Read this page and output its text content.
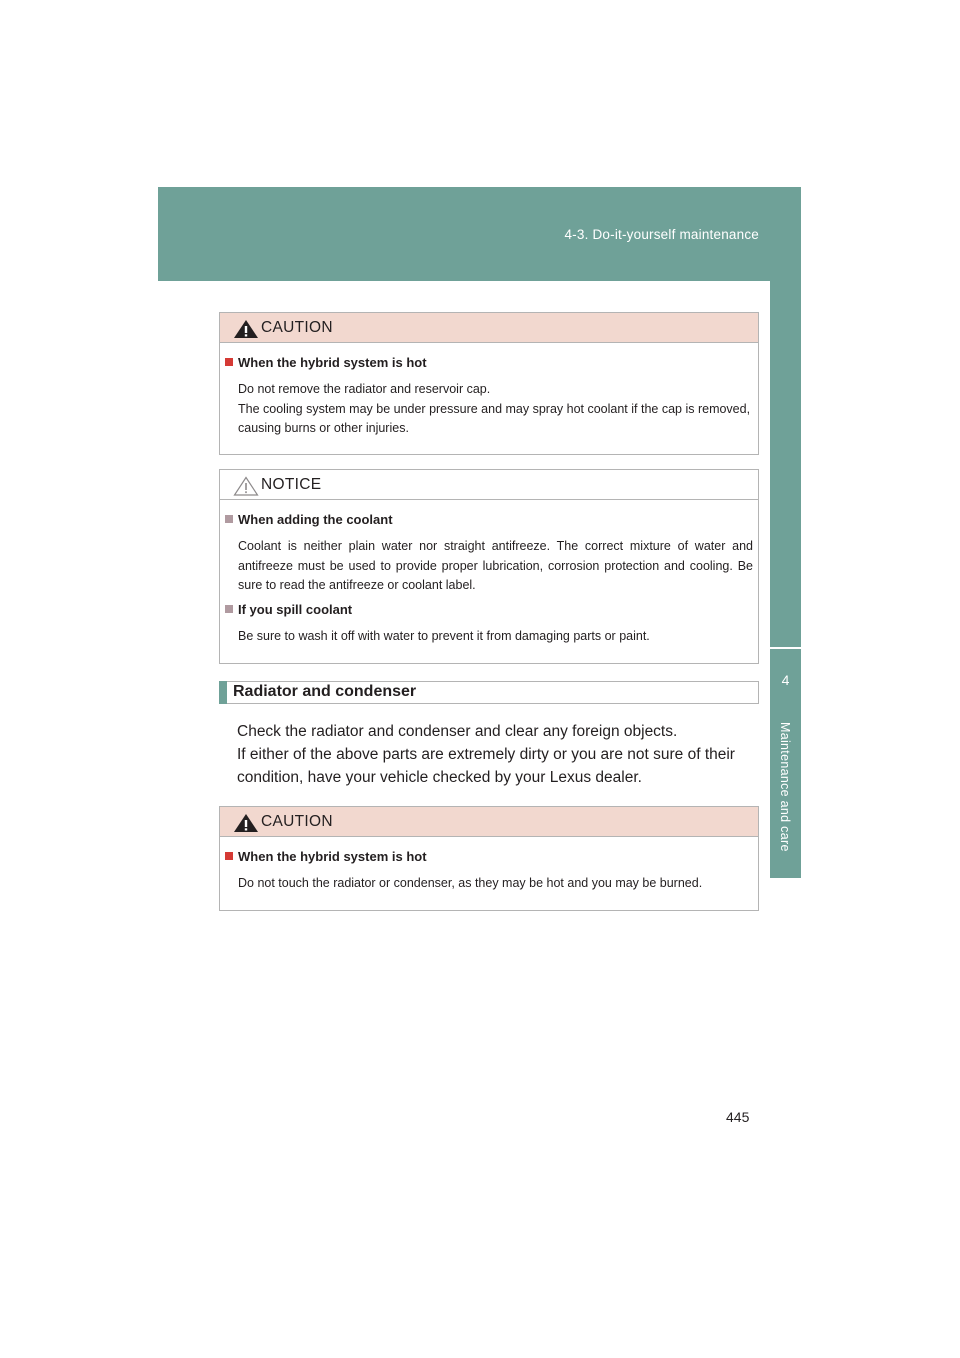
4-3. Do-it-yourself maintenance
4
Maintenance and care
CAUTION
When the hybrid system is hot
Do not remove the radiator and reservoir cap.
The cooling system may be under pressure and may spray hot coolant if the cap is removed, causing burns or other injuries.
NOTICE
When adding the coolant
Coolant is neither plain water nor straight antifreeze. The correct mixture of water and antifreeze must be used to provide proper lubrication, corrosion protection and cooling. Be sure to read the antifreeze or coolant label.
If you spill coolant
Be sure to wash it off with water to prevent it from damaging parts or paint.
Radiator and condenser
Check the radiator and condenser and clear any foreign objects.
If either of the above parts are extremely dirty or you are not sure of their condition, have your vehicle checked by your Lexus dealer.
CAUTION
When the hybrid system is hot
Do not touch the radiator or condenser, as they may be hot and you may be burned.
445
